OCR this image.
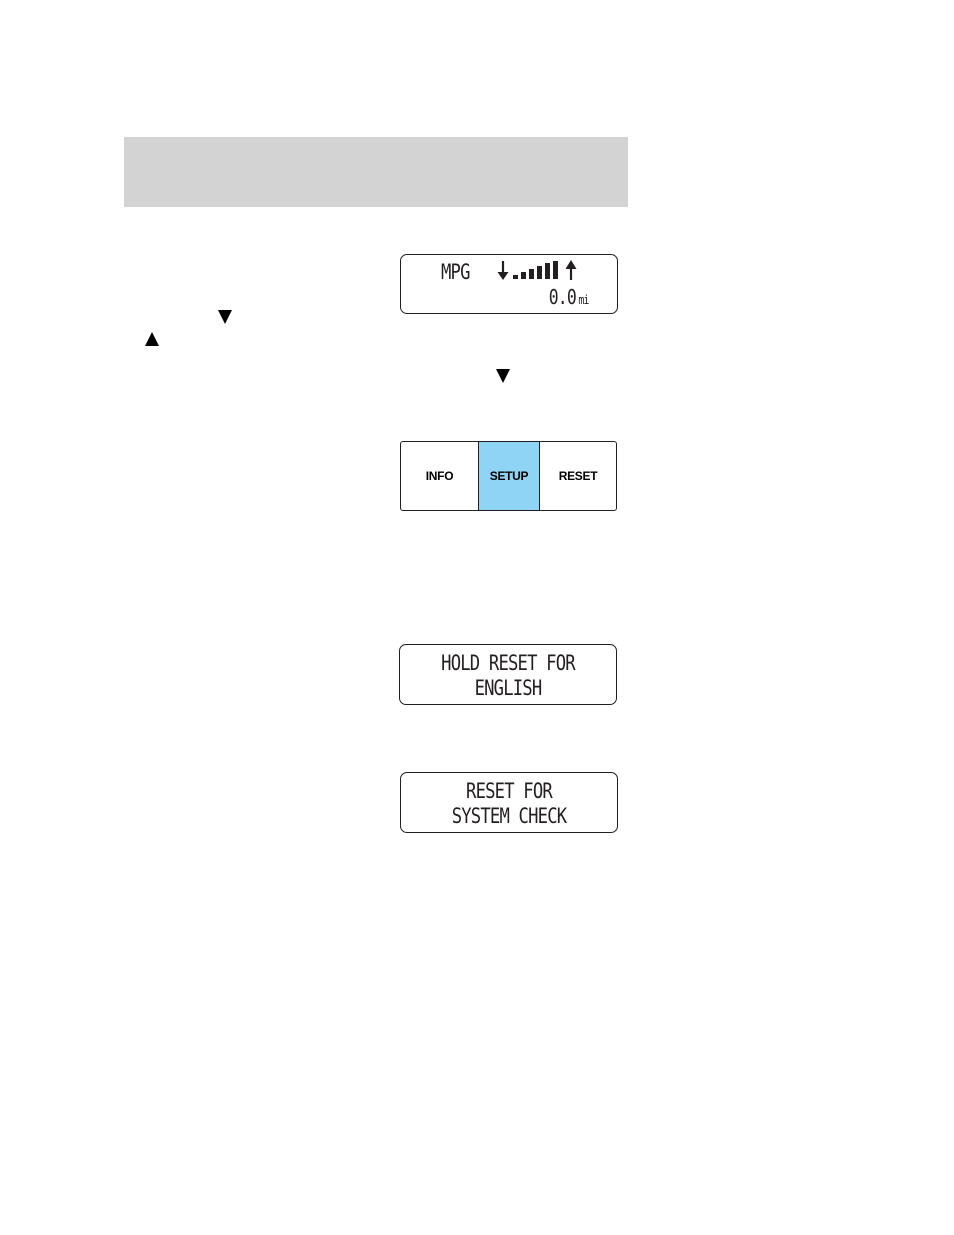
MPG
0.0 mi
INFO	SETUP	RESET
HOLD RESET FOR
ENGLISH
RESET FOR
SYSTEM CHECK
